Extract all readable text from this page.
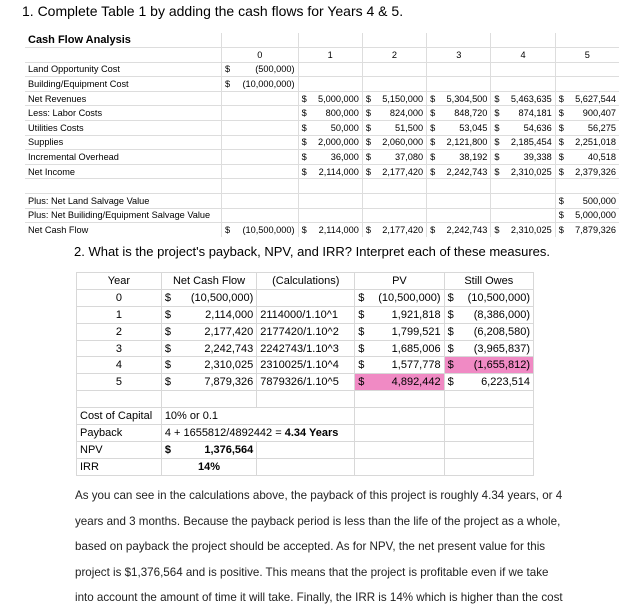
1. Complete Table 1 by adding the cash flows for Years 4 & 5.
Cash Flow Analysis												
	0		1		2		3		4		5	
Land Opportunity Cost	$	(500,000)										
Building/Equipment Cost	$	(10,000,000)										
Net Revenues			$	5,000,000	$	5,150,000	$	5,304,500	$	5,463,635	$	5,627,544
Less: Labor Costs			$	800,000	$	824,000	$	848,720	$	874,181	$	900,407
Utilities Costs			$	50,000	$	51,500	$	53,045	$	54,636	$	56,275
Supplies			$	2,000,000	$	2,060,000	$	2,121,800	$	2,185,454	$	2,251,018
Incremental Overhead			$	36,000	$	37,080	$	38,192	$	39,338	$	40,518
Net Income			$	2,114,000	$	2,177,420	$	2,242,743	$	2,310,025	$	2,379,326

Plus: Net Land Salvage Value											$	500,000
Plus: Net Builiding/Equipment Salvage Value											$	5,000,000
Net Cash Flow	$	(10,500,000)	$	2,114,000	$	2,177,420	$	2,242,743	$	2,310,025	$	7,879,326
2. What is the project's payback, NPV, and IRR? Interpret each of these measures.
Year	Net Cash Flow	(Calculations)	PV	Still Owes
0	$ (10,500,000)		$ (10,500,000)	$ (10,500,000)

1	$ 2,114,000	2114000/1.10^1	$ 1,921,818	$ (8,386,000)

2	$ 2,177,420	2177420/1.10^2	$ 1,799,521	$ (6,208,580)

3	$ 2,242,743	2242743/1.10^3	$ 1,685,006	$ (3,965,837)

4	$ 2,310,025	2310025/1.10^4	$ 1,577,778	$ (1,655,812)

5	$ 7,879,326	7879326/1.10^5	$ 4,892,442	$ 6,223,514

Cost of Capital	10% or 0.1			
Payback	4 + 1655812/4892442 = 4.34 Years			
NPV	$ 1,376,564			

IRR	14%			
As you can see in the calculations above, the payback of this project is roughly 4.34 years, or 4
years and 3 months. Because the payback period is less than the life of the project as a whole,
based on payback the project should be accepted. As for NPV, the net present value for this
project is $1,376,564 and is positive. This means that the project is profitable even if we take
into account the amount of time it will take. Finally, the IRR is 14% which is higher than the cost
